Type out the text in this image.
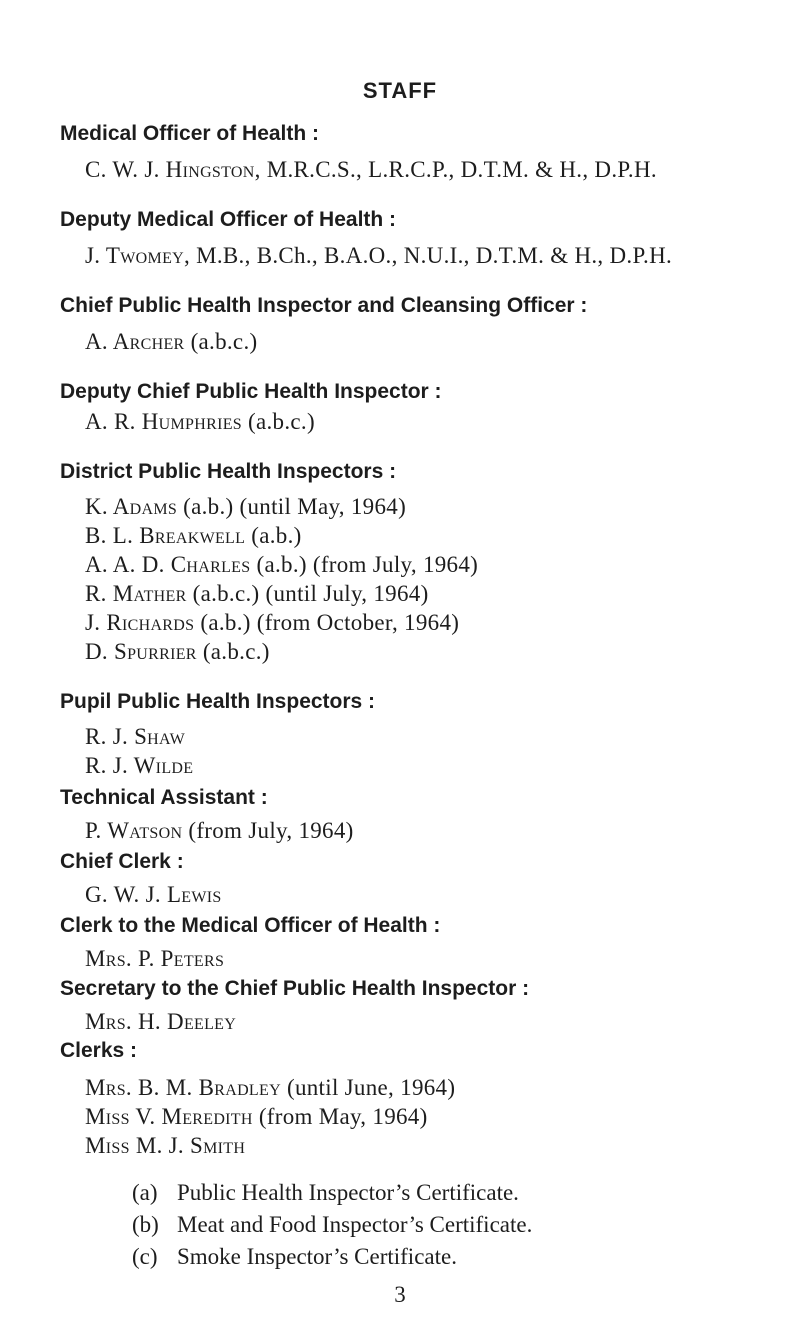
STAFF
Medical Officer of Health :
C. W. J. Hingston, M.R.C.S., L.R.C.P., D.T.M. & H., D.P.H.
Deputy Medical Officer of Health :
J. Twomey, M.B., B.Ch., B.A.O., N.U.I., D.T.M. & H., D.P.H.
Chief Public Health Inspector and Cleansing Officer :
A. Archer (a.b.c.)
Deputy Chief Public Health Inspector :
A. R. Humphries (a.b.c.)
District Public Health Inspectors :
K. Adams (a.b.) (until May, 1964)
B. L. Breakwell (a.b.)
A. A. D. Charles (a.b.) (from July, 1964)
R. Mather (a.b.c.) (until July, 1964)
J. Richards (a.b.) (from October, 1964)
D. Spurrier (a.b.c.)
Pupil Public Health Inspectors :
R. J. Shaw
R. J. Wilde
Technical Assistant :
P. Watson (from July, 1964)
Chief Clerk :
G. W. J. Lewis
Clerk to the Medical Officer of Health :
Mrs. P. Peters
Secretary to the Chief Public Health Inspector :
Mrs. H. Deeley
Clerks :
Mrs. B. M. Bradley (until June, 1964)
Miss V. Meredith (from May, 1964)
Miss M. J. Smith
(a) Public Health Inspector’s Certificate.
(b) Meat and Food Inspector’s Certificate.
(c) Smoke Inspector’s Certificate.
3
